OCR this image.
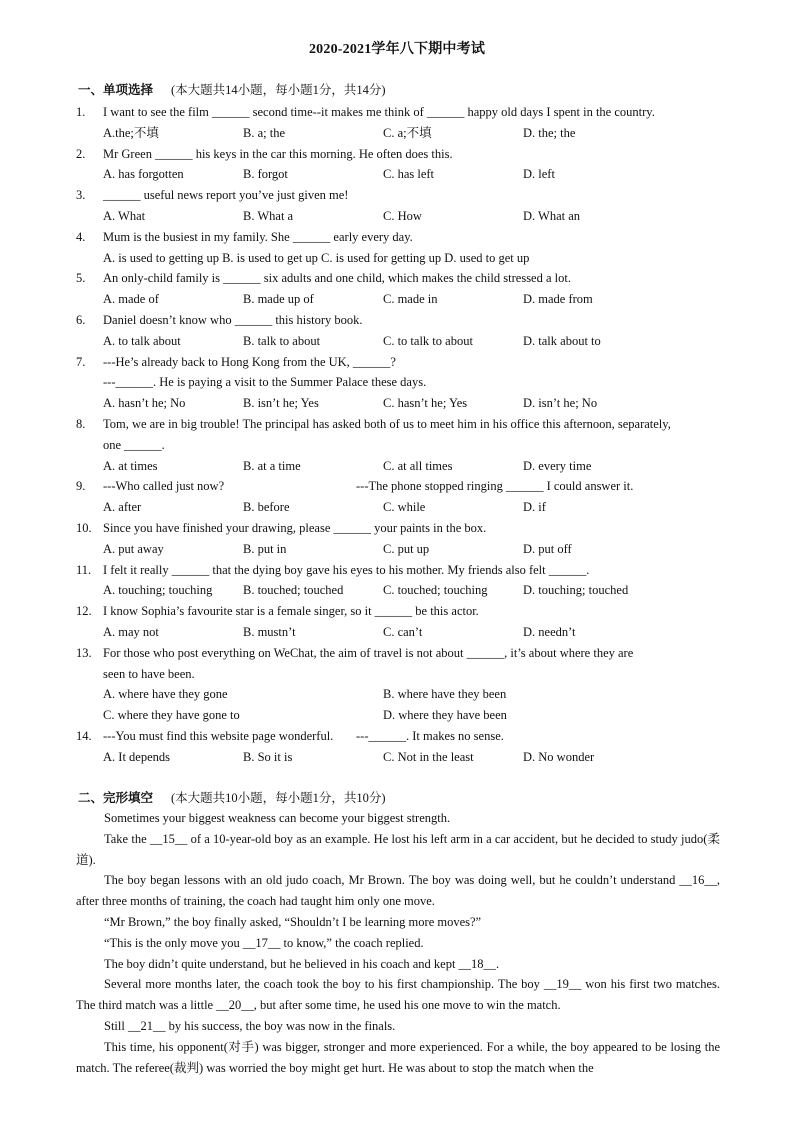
2020-2021学年八下期中考试
一、单项选择 (本大题共14小题，每小题1分，共14分)
1.	I want to see the film ______ second time--it makes me think of ______ happy old days I spent in the country.
A.the;不填	B. a; the	C. a;不填	D. the; the
2.	Mr Green ______ his keys in the car this morning. He often does this.
A. has forgotten	B. forgot	C. has left	D. left
3.	______ useful news report you’ve just given me!
A. What	B. What a	C. How	D. What an
4.	Mum is the busiest in my family. She ______ early every day.
A. is used to getting up B. is used to get up C. is used for getting up D. used to get up
5.	An only-child family is ______ six adults and one child, which makes the child stressed a lot.
A. made of	B. made up of	C. made in	D. made from
6.	Daniel doesn’t know who ______ this history book.
A. to talk about	B. talk to about	C. to talk to about	D. talk about to
7.	---He’s already back to Hong Kong from the UK, ______?
---______. He is paying a visit to the Summer Palace these days.
A. hasn’t he; No	B. isn’t he; Yes	C. hasn’t he; Yes	D. isn’t he; No
8.	Tom, we are in big trouble! The principal has asked both of us to meet him in his office this afternoon, separately,
one ______.
A. at times	B. at a time	C. at all times	D. every time
9.	---Who called just now?	---The phone stopped ringing ______ I could answer it.
A. after	B. before	C. while	D. if
10. Since you have finished your drawing, please ______ your paints in the box.
A. put away	B. put in	C. put up	D. put off
11. I felt it really ______ that the dying boy gave his eyes to his mother. My friends also felt ______.
A. touching; touching B. touched; touched	C. touched; touching	D. touching; touched
12. I know Sophia’s favourite star is a female singer, so it ______ be this actor.
A. may not	B. mustn’t	C. can’t	D. needn’t
13. For those who post everything on WeChat, the aim of travel is not about ______, it’s about where they are
seen to have been.
A. where have they gone	B. where have they been
C. where they have gone to	D. where they have been
14. ---You must find this website page wonderful. ---______. It makes no sense.
A. It depends	B. So it is	C. Not in the least	D. No wonder
二、完形填空 (本大题共10小题，每小题1分，共10分)

Sometimes your biggest weakness can become your biggest strength.

Take the __15__ of a 10-year-old boy as an example. He lost his left arm in a car accident, but he decided to study judo(柔道).

The boy began lessons with an old judo coach, Mr Brown. The boy was doing well, but he couldn’t understand __16__, after three months of training, the coach had taught him only one move.

“Mr Brown,” the boy finally asked, “Shouldn’t I be learning more moves?”

“This is the only move you __17__ to know,” the coach replied.

The boy didn’t quite understand, but he believed in his coach and kept __18__.

Several more months later, the coach took the boy to his first championship. The boy __19__ won his first two matches. The third match was a little __20__, but after some time, he used his one move to win the match.

Still __21__ by his success, the boy was now in the finals.

This time, his opponent(对手) was bigger, stronger and more experienced. For a while, the boy appeared to be losing the match. The referee(裁判) was worried the boy might get hurt. He was about to stop the match when the
